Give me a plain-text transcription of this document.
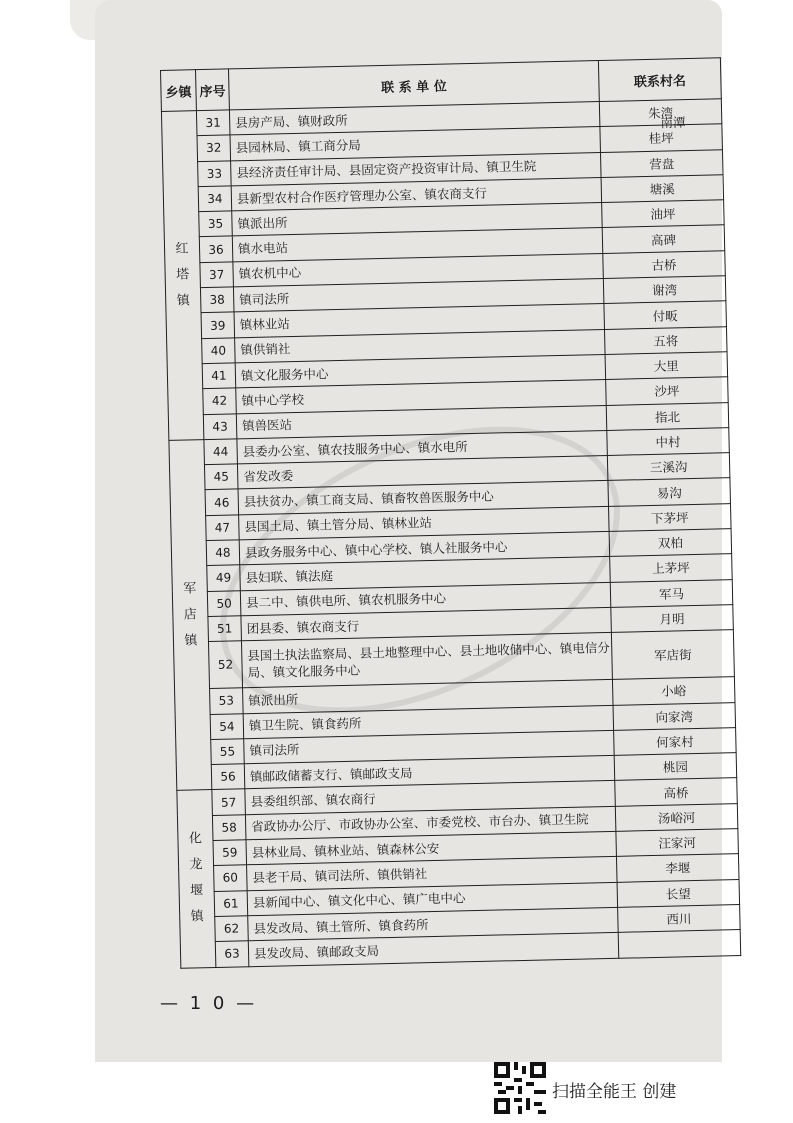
乡镇	序号	联 系 单 位	联系村名

红
塔
镇	31	县房产局、镇财政所	朱湾
	32	县园林局、镇工商分局	桂坪
	33	县经济责任审计局、县固定资产投资审计局、镇卫生院	营盘
	34	县新型农村合作医疗管理办公室、镇农商支行	塘溪
	35	镇派出所	油坪
	36	镇水电站	高碑
	37	镇农机中心	古桥
	38	镇司法所	谢湾
	39	镇林业站	付畈
	40	镇供销社	五将
	41	镇文化服务中心	大里
	42	镇中心学校	沙坪
	43	镇兽医站	指北

军
店
镇	44	县委办公室、镇农技服务中心、镇水电所	中村
	45	省发改委	三溪沟
	46	县扶贫办、镇工商支局、镇畜牧兽医服务中心	易沟
	47	县国土局、镇土管分局、镇林业站	下茅坪
	48	县政务服务中心、镇中心学校、镇人社服务中心	双柏
	49	县妇联、镇法庭	上茅坪
	50	县二中、镇供电所、镇农机服务中心	军马
	51	团县委、镇农商支行	月明
	52	县国土执法监察局、县土地整理中心、县土地收储中心、镇电信分局、镇文化服务中心	军店街
	53	镇派出所	小峪
	54	镇卫生院、镇食药所	向家湾
	55	镇司法所	何家村
	56	镇邮政储蓄支行、镇邮政支局	桃园

化
龙
堰
镇	57	县委组织部、镇农商行	高桥
	58	省政协办公厅、市政协办公室、市委党校、市台办、镇卫生院	汤峪河
	59	县林业局、镇林业站、镇森林公安	汪家河
	60	县老干局、镇司法所、镇供销社	李堰
	61	县新闻中心、镇文化中心、镇广电中心	长望
	62	县发改局、镇土管所、镇食药所	西川
	63	县发改局、镇邮政支局	
— 1 0 —
扫描全能王 创建
南潭
